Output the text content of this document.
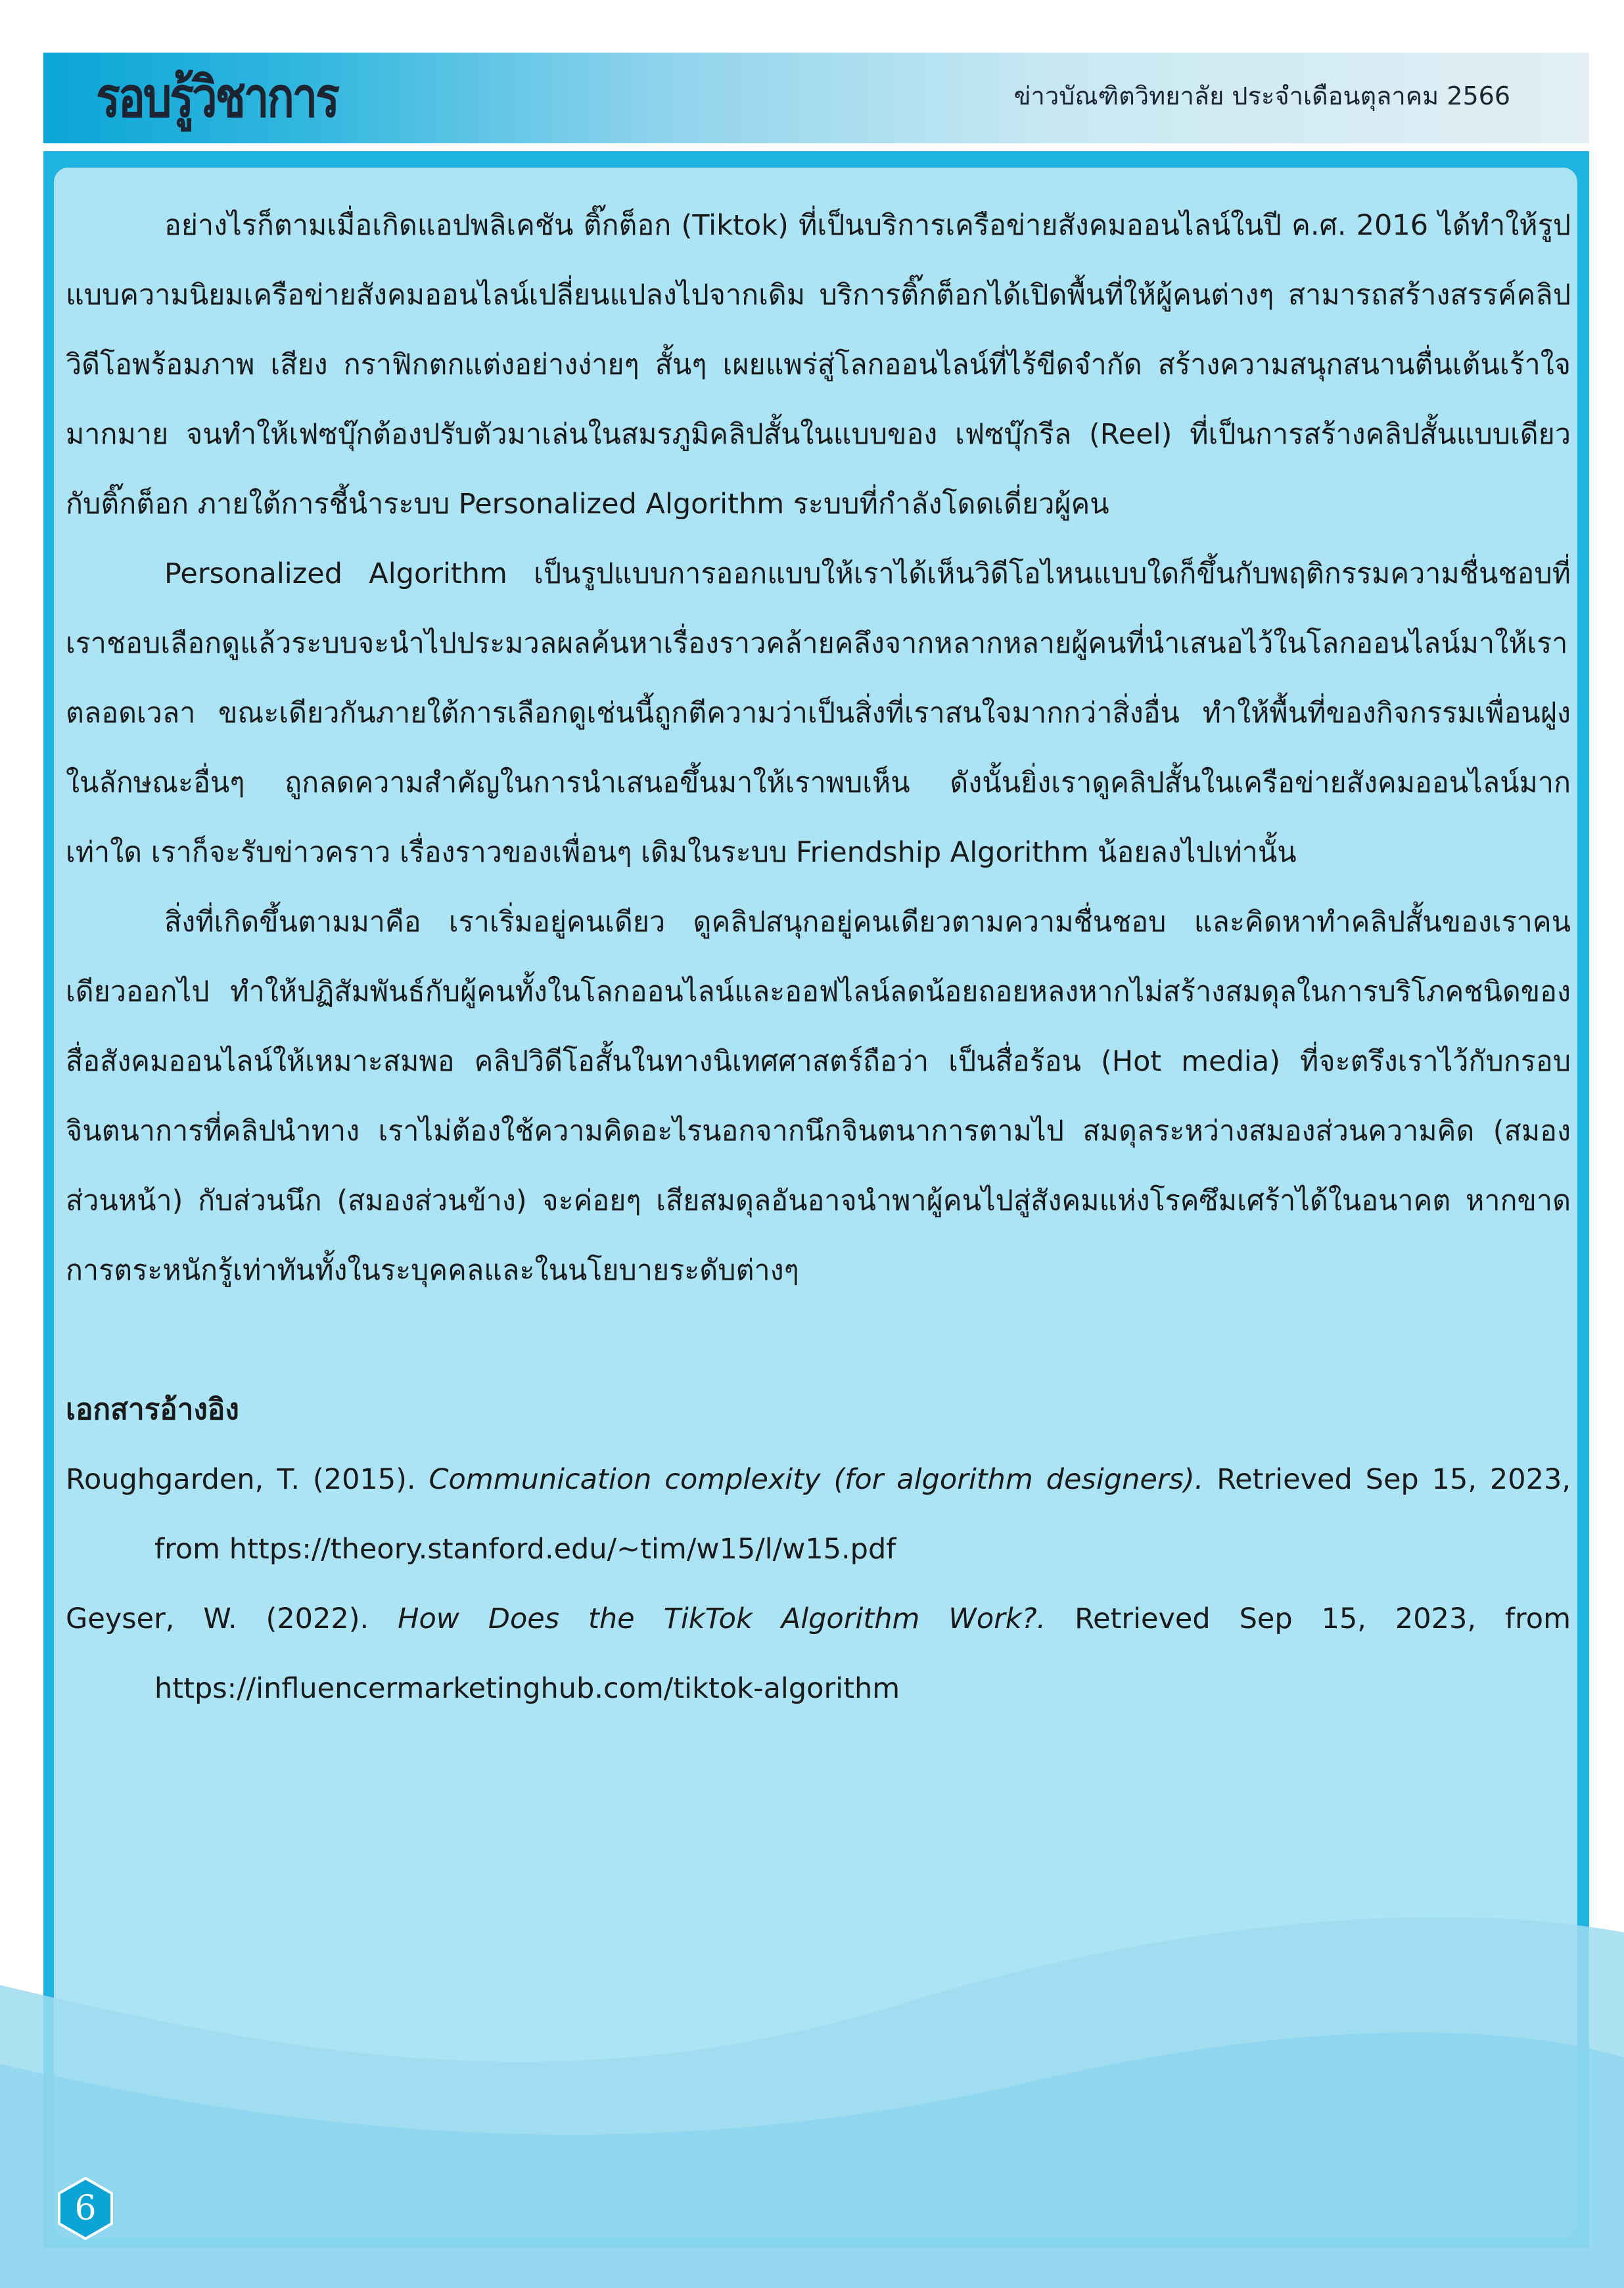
รอบรู้วิชาการ	ข่าวบัณฑิตวิทยาลัย ประจำเดือนตุลาคม 2566

อย่างไรก็ตามเมื่อเกิดแอปพลิเคชัน ติ๊กต็อก (Tiktok) ที่เป็นบริการเครือข่ายสังคมออนไลน์ในปี ค.ศ. 2016 ได้ทำให้รูปแบบความนิยมเครือข่ายสังคมออนไลน์เปลี่ยนแปลงไปจากเดิม บริการติ๊กต็อกได้เปิดพื้นที่ให้ผู้คนต่างๆ สามารถสร้างสรรค์คลิปวิดีโอพร้อมภาพ เสียง กราฟิกตกแต่งอย่างง่ายๆ สั้นๆ เผยแพร่สู่โลกออนไลน์ที่ไร้ขีดจำกัด สร้างความสนุกสนานตื่นเต้นเร้าใจมากมาย จนทำให้เฟซบุ๊กต้องปรับตัวมาเล่นในสมรภูมิคลิปสั้นในแบบของ เฟซบุ๊กรีล (Reel) ที่เป็นการสร้างคลิปสั้นแบบเดียวกับติ๊กต็อก ภายใต้การชี้นำระบบ Personalized Algorithm ระบบที่กำลังโดดเดี่ยวผู้คน

Personalized Algorithm เป็นรูปแบบการออกแบบให้เราได้เห็นวิดีโอไหนแบบใดก็ขึ้นกับพฤติกรรมความชื่นชอบที่เราชอบเลือกดูแล้วระบบจะนำไปประมวลผลค้นหาเรื่องราวคล้ายคลึงจากหลากหลายผู้คนที่นำเสนอไว้ในโลกออนไลน์มาให้เราตลอดเวลา ขณะเดียวกันภายใต้การเลือกดูเช่นนี้ถูกตีความว่าเป็นสิ่งที่เราสนใจมากกว่าสิ่งอื่น ทำให้พื้นที่ของกิจกรรมเพื่อนฝูงในลักษณะอื่นๆ ถูกลดความสำคัญในการนำเสนอขึ้นมาให้เราพบเห็น ดังนั้นยิ่งเราดูคลิปสั้นในเครือข่ายสังคมออนไลน์มากเท่าใด เราก็จะรับข่าวคราว เรื่องราวของเพื่อนๆ เดิมในระบบ Friendship Algorithm น้อยลงไปเท่านั้น

สิ่งที่เกิดขึ้นตามมาคือ เราเริ่มอยู่คนเดียว ดูคลิปสนุกอยู่คนเดียวตามความชื่นชอบ และคิดหาทำคลิปสั้นของเราคนเดียวออกไป ทำให้ปฏิสัมพันธ์กับผู้คนทั้งในโลกออนไลน์และออฟไลน์ลดน้อยถอยหลงหากไม่สร้างสมดุลในการบริโภคชนิดของสื่อสังคมออนไลน์ให้เหมาะสมพอ คลิปวิดีโอสั้นในทางนิเทศศาสตร์ถือว่า เป็นสื่อร้อน (Hot media) ที่จะตรึงเราไว้กับกรอบจินตนาการที่คลิปนำทาง เราไม่ต้องใช้ความคิดอะไรนอกจากนึกจินตนาการตามไป สมดุลระหว่างสมองส่วนความคิด (สมองส่วนหน้า) กับส่วนนึก (สมองส่วนข้าง) จะค่อยๆ เสียสมดุลอันอาจนำพาผู้คนไปสู่สังคมแห่งโรคซึมเศร้าได้ในอนาคต หากขาดการตระหนักรู้เท่าทันทั้งในระบุคคลและในนโยบายระดับต่างๆ

เอกสารอ้างอิง

Roughgarden, T. (2015). Communication complexity (for algorithm designers). Retrieved Sep 15, 2023, from https://theory.stanford.edu/~tim/w15/l/w15.pdf

Geyser, W. (2022). How Does the TikTok Algorithm Work?. Retrieved Sep 15, 2023, from https://influencermarketinghub.com/tiktok-algorithm

6
